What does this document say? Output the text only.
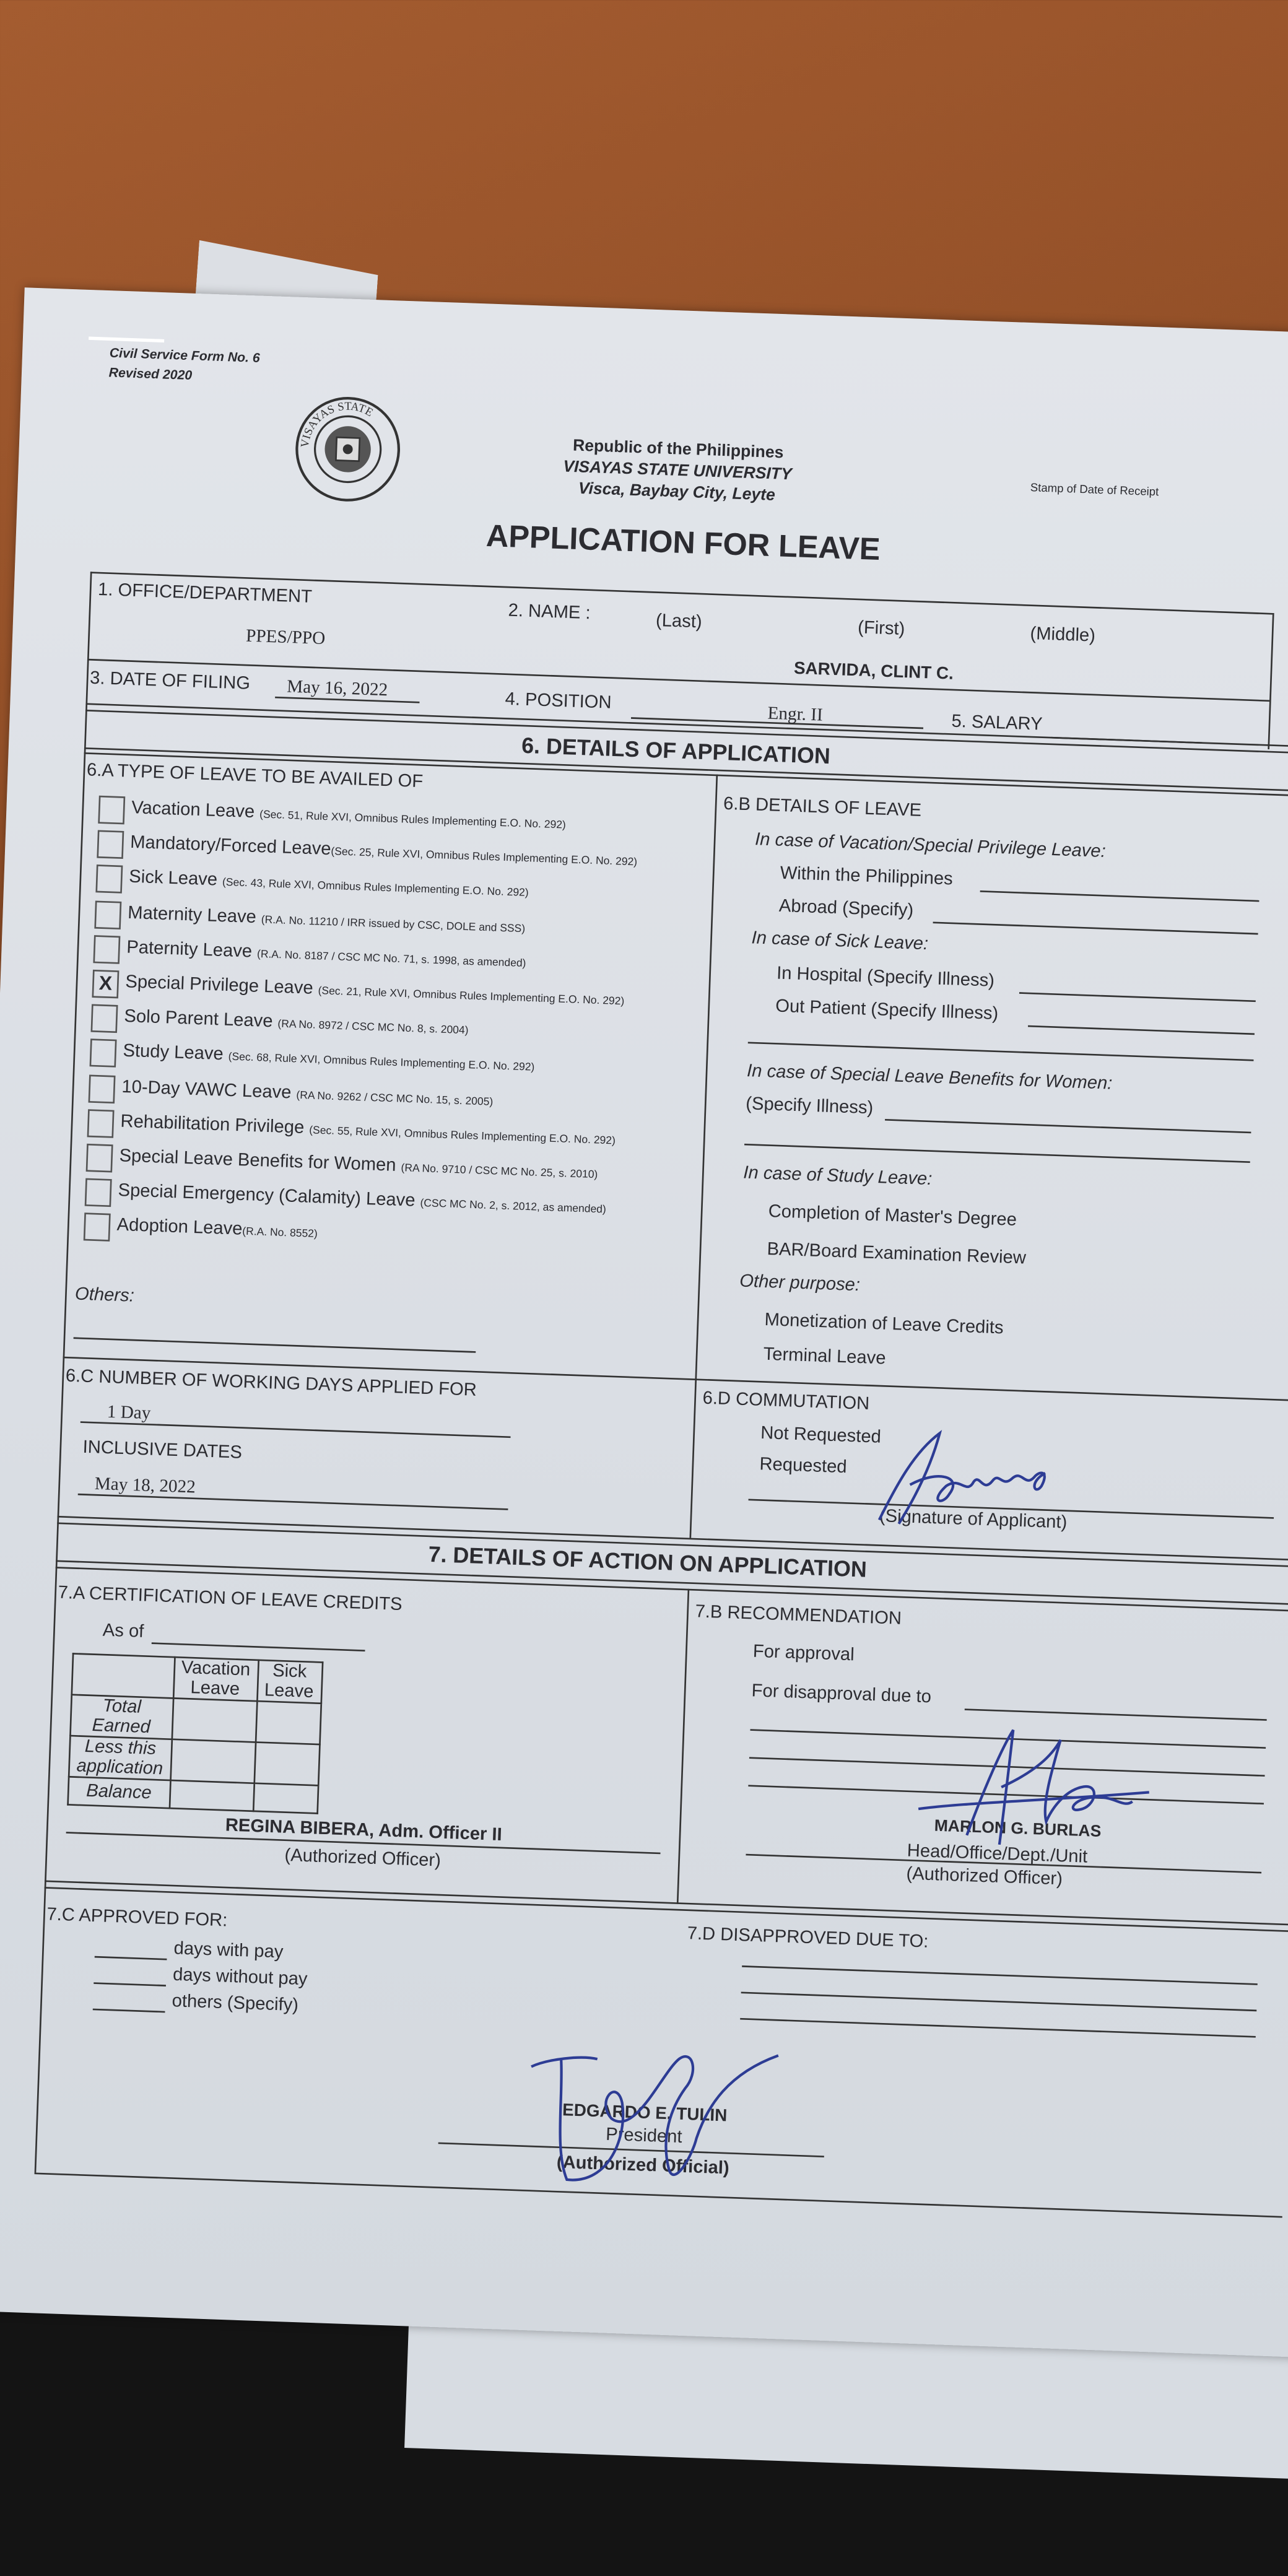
Civil Service Form No. 6
Revised 2020
VISAYAS STATE
Republic of the Philippines
VISAYAS STATE UNIVERSITY
Visca, Baybay City, Leyte	Stamp of Date of Receipt
APPLICATION FOR LEAVE
1. OFFICE/DEPARTMENT
2. NAME :	(Last)	(First)	(Middle)
PPES/PPO
SARVIDA, CLINT C.
3. DATE OF FILING	May 16, 2022
4. POSITION
Engr. II	5. SALARY
6. DETAILS OF APPLICATION
6.A TYPE OF LEAVE TO BE AVAILED OF
Vacation Leave (Sec. 51, Rule XVI, Omnibus Rules Implementing E.O. No. 292)
Mandatory/Forced Leave(Sec. 25, Rule XVI, Omnibus Rules Implementing E.O. No. 292)
Sick Leave (Sec. 43, Rule XVI, Omnibus Rules Implementing E.O. No. 292)
Maternity Leave (R.A. No. 11210 / IRR issued by CSC, DOLE and SSS)
Paternity Leave (R.A. No. 8187 / CSC MC No. 71, s. 1998, as amended)
X	Special Privilege Leave (Sec. 21, Rule XVI, Omnibus Rules Implementing E.O. No. 292)
Solo Parent Leave (RA No. 8972 / CSC MC No. 8, s. 2004)
Study Leave (Sec. 68, Rule XVI, Omnibus Rules Implementing E.O. No. 292)
10-Day VAWC Leave (RA No. 9262 / CSC MC No. 15, s. 2005)
Rehabilitation Privilege (Sec. 55, Rule XVI, Omnibus Rules Implementing E.O. No. 292)
Special Leave Benefits for Women (RA No. 9710 / CSC MC No. 25, s. 2010)
Special Emergency (Calamity) Leave (CSC MC No. 2, s. 2012, as amended)
Adoption Leave(R.A. No. 8552)
Others:
6.B DETAILS OF LEAVE
In case of Vacation/Special Privilege Leave:
Within the Philippines
Abroad (Specify)
In case of Sick Leave:
In Hospital (Specify Illness)
Out Patient (Specify Illness)
In case of Special Leave Benefits for Women:
(Specify Illness)
In case of Study Leave:
Completion of Master's Degree
BAR/Board Examination Review
Other purpose:
Monetization of Leave Credits
Terminal Leave
6.C NUMBER OF WORKING DAYS APPLIED FOR
1 Day
INCLUSIVE DATES
May 18, 2022
6.D COMMUTATION
Not Requested
Requested
(Signature of Applicant)
7. DETAILS OF ACTION ON APPLICATION
7.A CERTIFICATION OF LEAVE CREDITS
As of
	Vacation Leave	Sick Leave
Total Earned		
Less this application		
Balance		
REGINA BIBERA, Adm. Officer II
(Authorized Officer)
7.B RECOMMENDATION
For approval
For disapproval due to
MARLON G. BURLAS
Head/Office/Dept./Unit
(Authorized Officer)
7.C APPROVED FOR:
days with pay
days without pay
others (Specify)
7.D DISAPPROVED DUE TO:
EDGARDO E. TULIN
President
(Authorized Official)
